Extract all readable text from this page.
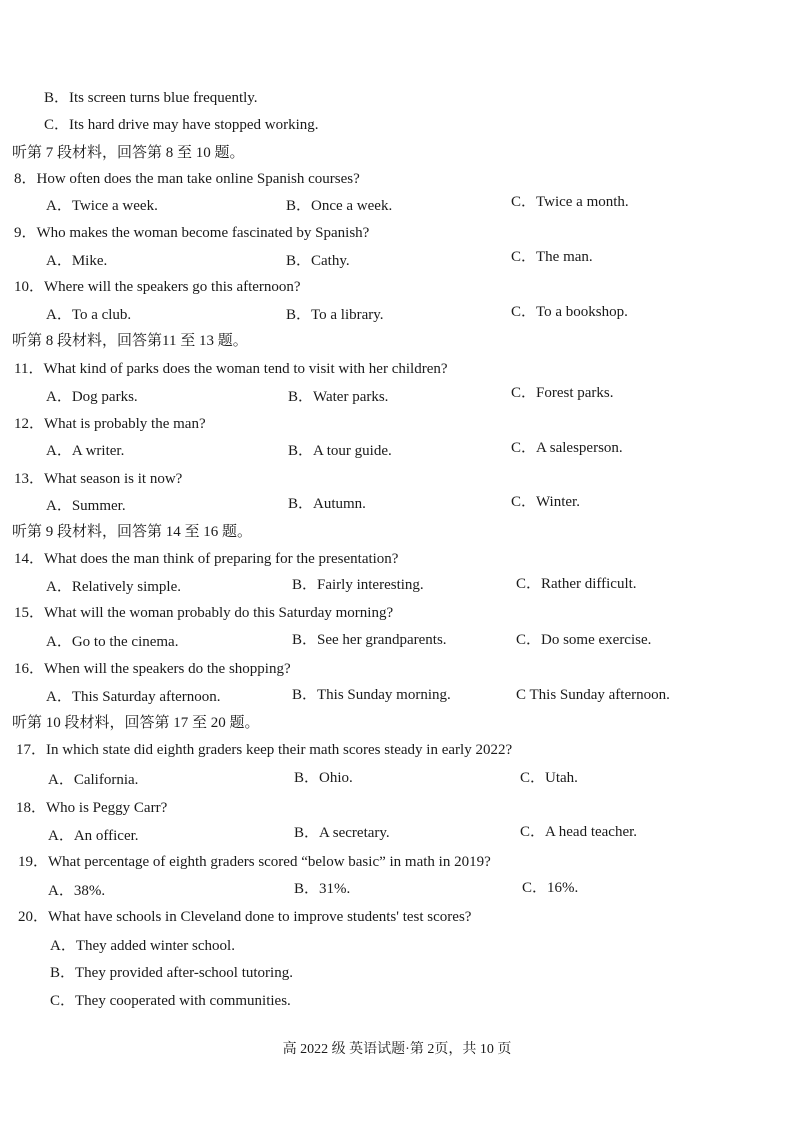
B．Its screen turns blue frequently.
C．Its hard drive may have stopped working.
听第 7 段材料，回答第 8 至 10 题。
8．How often does the man take online Spanish courses?
A．Twice a week.	B．Once a week.	C．Twice a month.
9．Who makes the woman become fascinated by Spanish?
A．Mike.	B．Cathy.	C．The man.
10．Where will the speakers go this afternoon?
A．To a club.	B．To a library.	C．To a bookshop.
听第 8 段材料，回答第11 至 13 题。
11．What kind of parks does the woman tend to visit with her children?
A．Dog parks.	B．Water parks.	C．Forest parks.
12．What is probably the man?
A．A writer.	B．A tour guide.	C．A salesperson.
13．What season is it now?
A．Summer.	B．Autumn.	C．Winter.
听第 9 段材料，回答第 14 至 16 题。
14．What does the man think of preparing for the presentation?
A．Relatively simple.	B．Fairly interesting.	C．Rather difficult.
15．What will the woman probably do this Saturday morning?
A．Go to the cinema.	B．See her grandparents.	C．Do some exercise.
16．When will the speakers do the shopping?
A．This Saturday afternoon.	B．This Sunday morning.	C This Sunday afternoon.
听第 10 段材料，回答第 17 至 20 题。
17．In which state did eighth graders keep their math scores steady in early 2022?
A．California.	B．Ohio.	C．Utah.
18．Who is Peggy Carr?
A．An officer.	B．A secretary.	C．A head teacher.
19．What percentage of eighth graders scored “below basic” in math in 2019?
A．38%.	B．31%.	C．16%.
20．What have schools in Cleveland done to improve students' test scores?
A．They added winter school.
B．They provided after-school tutoring.
C．They cooperated with communities.
高 2022 级 英语试题·第 2页，共 10 页
